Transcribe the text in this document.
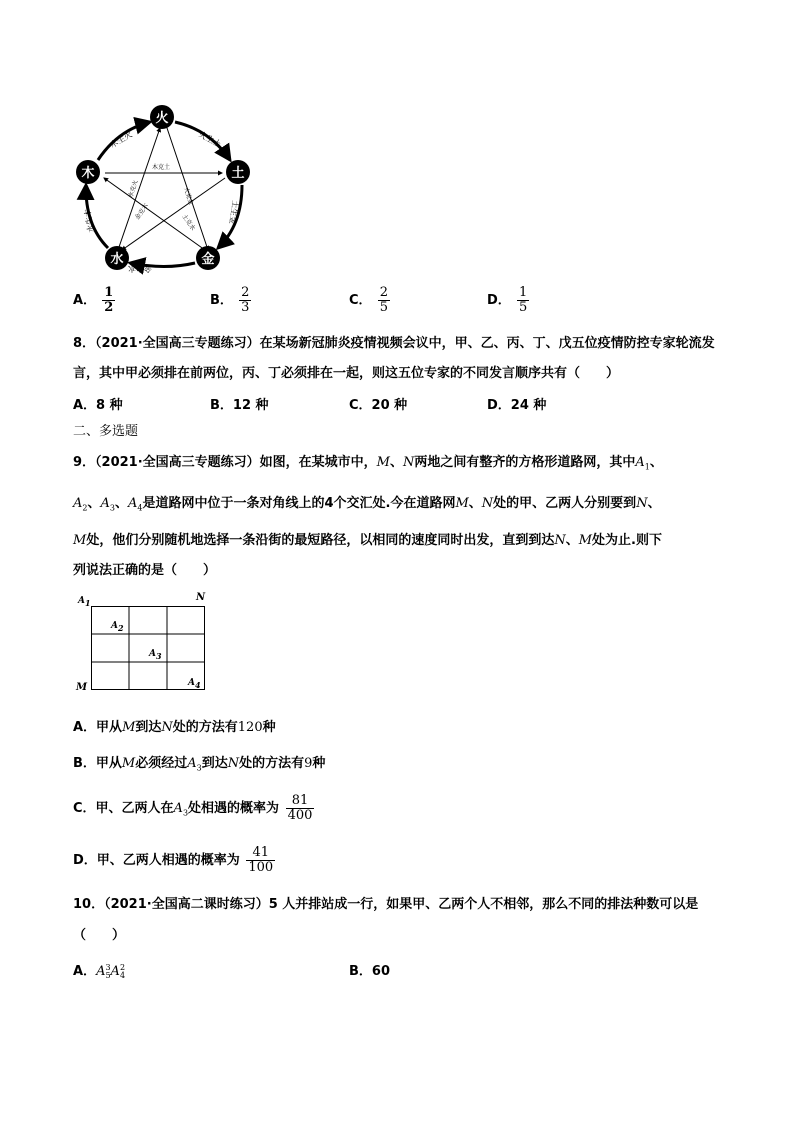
火
土
金
水
木
火生土
土生金
金生水
水生木
木生火
木克土
土克水
水克火	火克金
金克木
A． $\frac{1}{2}$	B． $\frac{2}{3}$	C． $\frac{2}{5}$	D． $\frac{1}{5}$
8．（2021·全国高三专题练习）在某场新冠肺炎疫情视频会议中，甲、乙、丙、丁、戊五位疫情防控专家轮流发
言，其中甲必须排在前两位，丙、丁必须排在一起，则这五位专家的不同发言顺序共有（　　）
A．8 种	B．12 种	C．20 种	D．24 种
二、多选题
9．（2021·全国高三专题练习）如图，在某城市中，M、N两地之间有整齐的方格形道路网，其中$A_1$、
$A_2$、$A_3$、$A_4$是道路网中位于一条对角线上的4个交汇处.今在道路网M、N处的甲、乙两人分别要到N、
M处，他们分别随机地选择一条沿街的最短路径，以相同的速度同时出发，直到到达N、M处为止.则下
列说法正确的是（　　）
$A_1$	N
$A_2$
$A_3$
M	$A_4$
A．甲从M到达N处的方法有120种
B．甲从M必须经过$A_3$到达N处的方法有9种
C．甲、乙两人在$A_3$处相遇的概率为 $\frac{81}{400}$
D．甲、乙两人相遇的概率为 $\frac{41}{100}$
10．（2021·全国高二课时练习）5 人并排站成一行，如果甲、乙两个人不相邻，那么不同的排法种数可以是
（　　）
A．A 3
5 A 2
4	B．60
